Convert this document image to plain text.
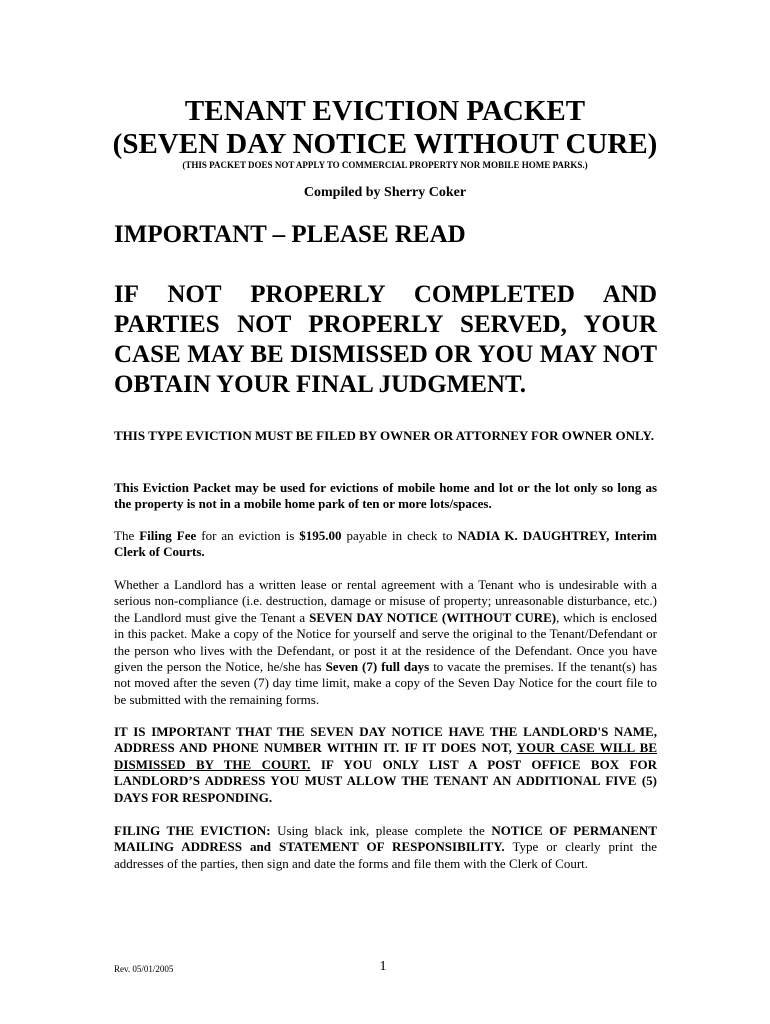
TENANT EVICTION PACKET
(SEVEN DAY NOTICE WITHOUT CURE)
(THIS PACKET DOES NOT APPLY TO COMMERCIAL PROPERTY NOR MOBILE HOME PARKS.)
Compiled by Sherry Coker
IMPORTANT – PLEASE READ
IF NOT PROPERLY COMPLETED AND PARTIES NOT PROPERLY SERVED, YOUR CASE MAY BE DISMISSED OR YOU MAY NOT OBTAIN YOUR FINAL JUDGMENT.
THIS TYPE EVICTION MUST BE FILED BY OWNER OR ATTORNEY FOR OWNER ONLY.
This Eviction Packet may be used for evictions of mobile home and lot or the lot only so long as the property is not in a mobile home park of ten or more lots/spaces.
The Filing Fee for an eviction is $195.00 payable in check to NADIA K. DAUGHTREY, Interim Clerk of Courts.
Whether a Landlord has a written lease or rental agreement with a Tenant who is undesirable with a serious non-compliance (i.e. destruction, damage or misuse of property; unreasonable disturbance, etc.) the Landlord must give the Tenant a SEVEN DAY NOTICE (WITHOUT CURE), which is enclosed in this packet. Make a copy of the Notice for yourself and serve the original to the Tenant/Defendant or the person who lives with the Defendant, or post it at the residence of the Defendant. Once you have given the person the Notice, he/she has Seven (7) full days to vacate the premises. If the tenant(s) has not moved after the seven (7) day time limit, make a copy of the Seven Day Notice for the court file to be submitted with the remaining forms.
IT IS IMPORTANT THAT THE SEVEN DAY NOTICE HAVE THE LANDLORD'S NAME, ADDRESS AND PHONE NUMBER WITHIN IT. IF IT DOES NOT, YOUR CASE WILL BE DISMISSED BY THE COURT. IF YOU ONLY LIST A POST OFFICE BOX FOR LANDLORD’S ADDRESS YOU MUST ALLOW THE TENANT AN ADDITIONAL FIVE (5) DAYS FOR RESPONDING.
FILING THE EVICTION: Using black ink, please complete the NOTICE OF PERMANENT MAILING ADDRESS and STATEMENT OF RESPONSIBILITY. Type or clearly print the addresses of the parties, then sign and date the forms and file them with the Clerk of Court.
Rev. 05/01/2005	1
